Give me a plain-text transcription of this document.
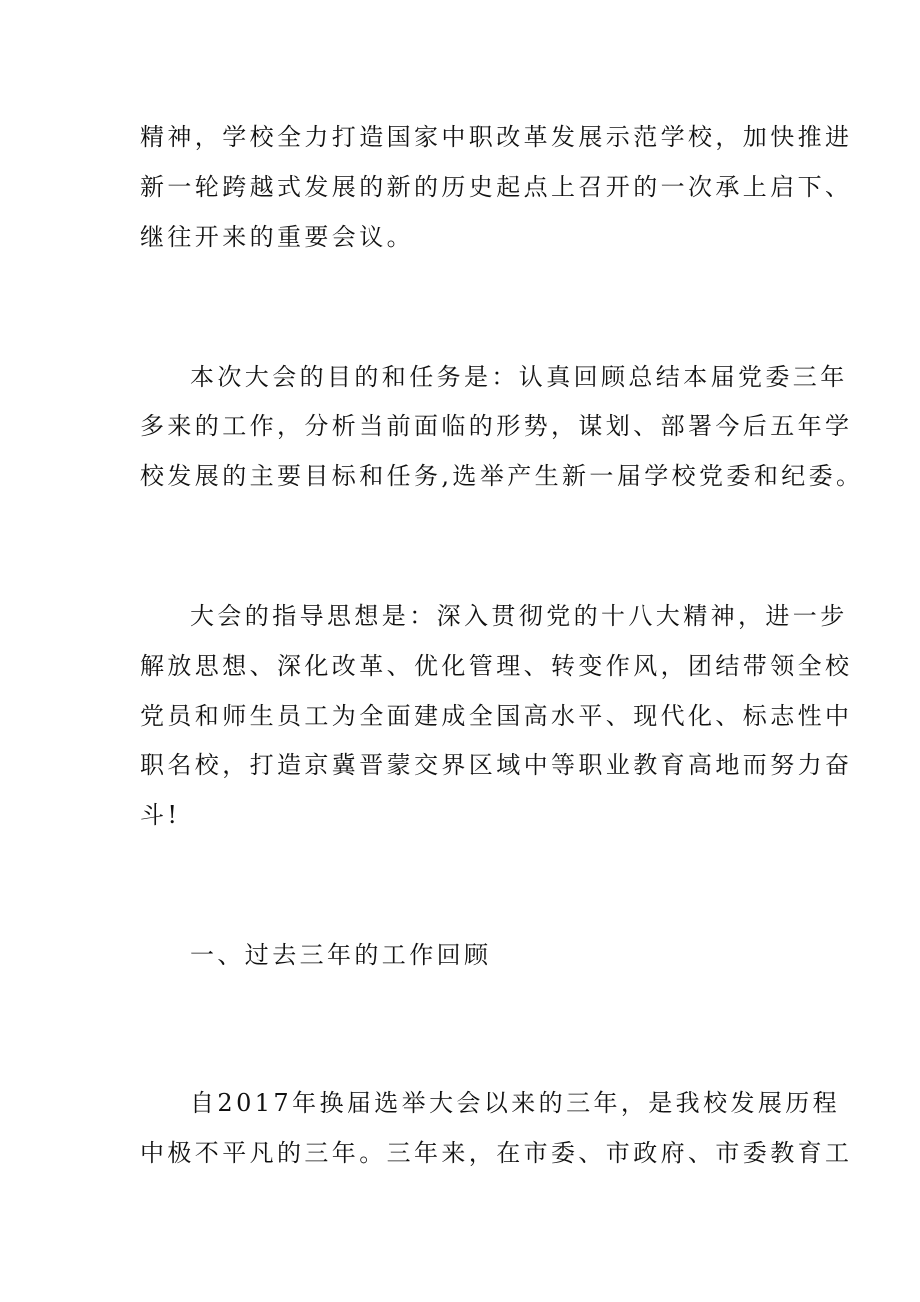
精神，学校全力打造国家中职改革发展示范学校，加快推进
新一轮跨越式发展的新的历史起点上召开的一次承上启下、
继往开来的重要会议。
本次大会的目的和任务是：认真回顾总结本届党委三年
多来的工作，分析当前面临的形势，谋划、部署今后五年学
校发展的主要目标和任务,选举产生新一届学校党委和纪委。
大会的指导思想是：深入贯彻党的十八大精神，进一步
解放思想、深化改革、优化管理、转变作风，团结带领全校
党员和师生员工为全面建成全国高水平、现代化、标志性中
职名校，打造京冀晋蒙交界区域中等职业教育高地而努力奋
斗!
一、过去三年的工作回顾
自2017年换届选举大会以来的三年，是我校发展历程
中极不平凡的三年。三年来，在市委、市政府、市委教育工
